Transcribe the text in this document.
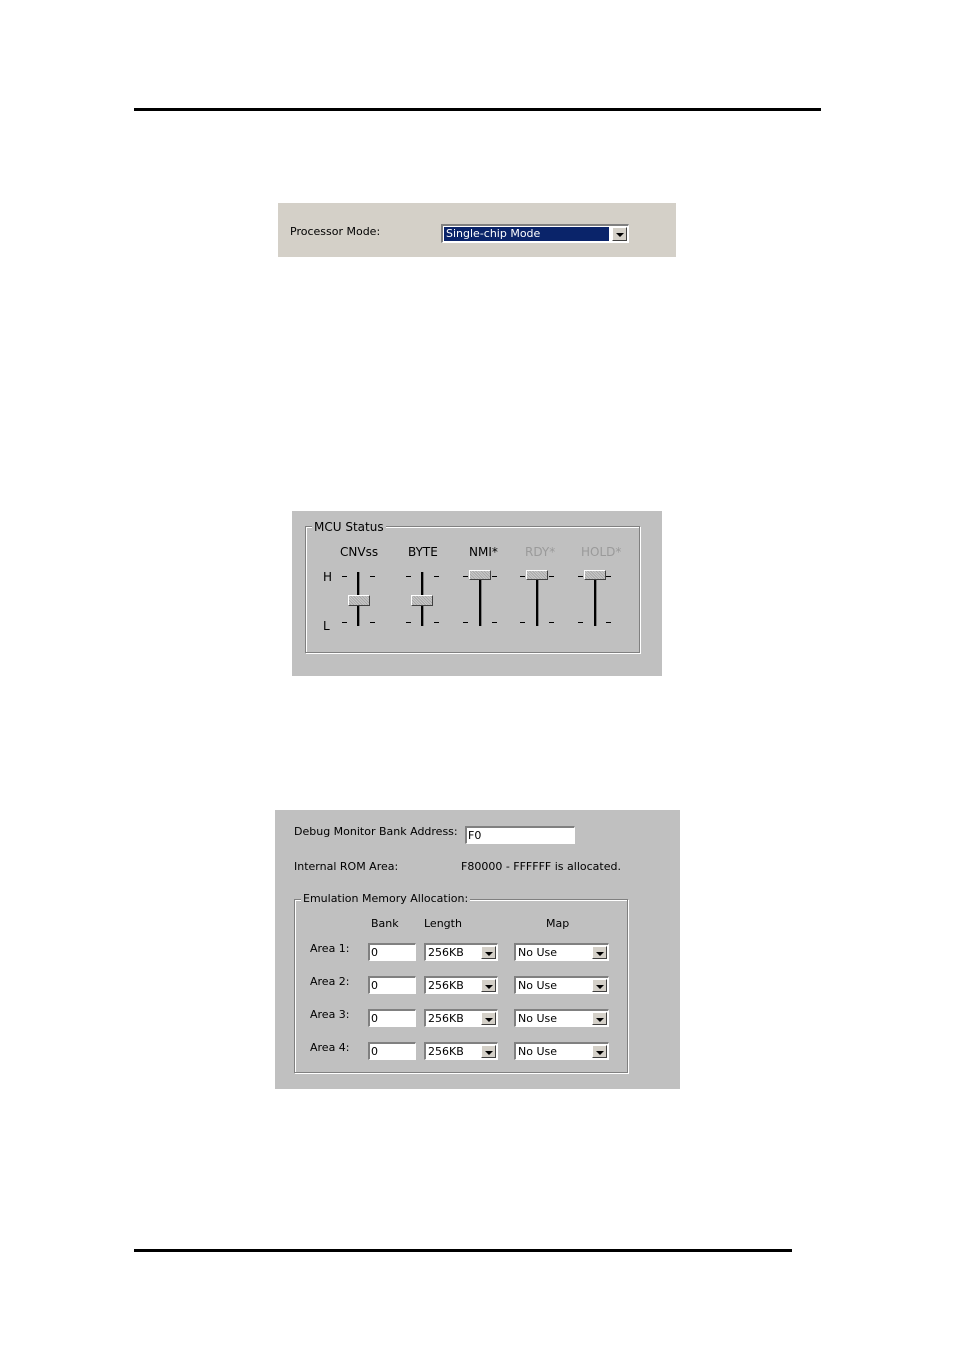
Processor Mode:	Single-chip Mode
MCU Status
H
L
CNVss BYTE	NMI* RDY* HOLD*
Debug Monitor Bank Address: F0
Internal ROM Area:	F80000 - FFFFFF is allocated.
Emulation Memory Allocation:
Bank Length	Map
Area 1: 0	256KB	No Use
Area 2: 0	256KB	No Use
Area 3: 0	256KB	No Use
Area 4: 0	256KB	No Use
